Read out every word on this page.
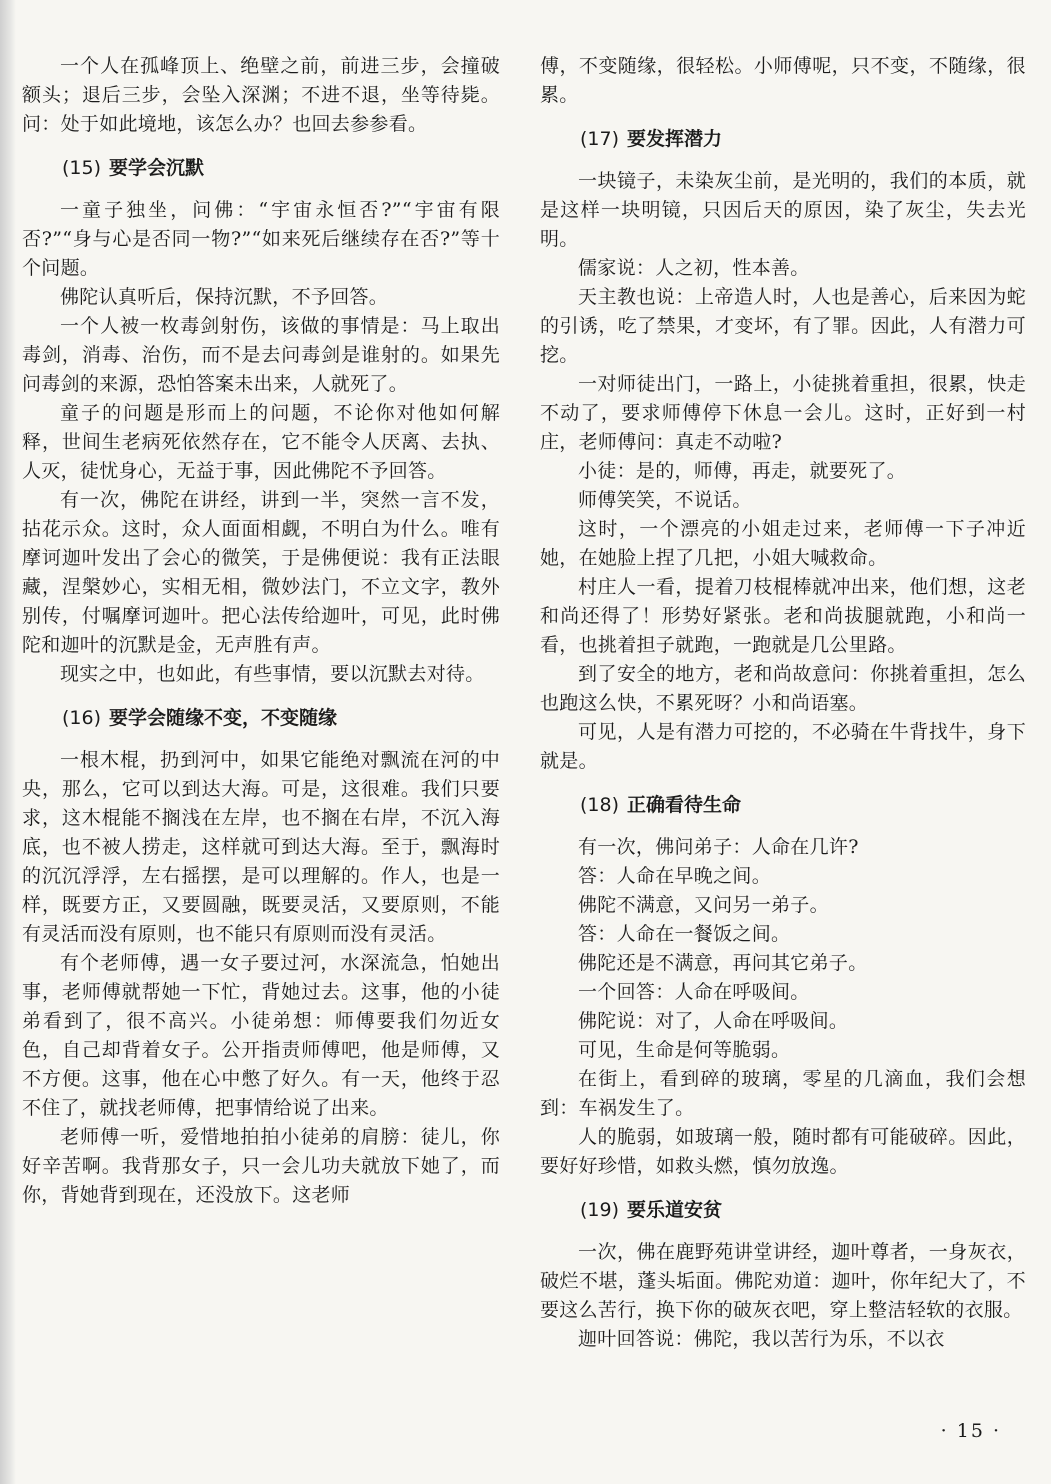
一个人在孤峰顶上、绝壁之前，前进三步，会撞破额头；退后三步，会坠入深渊；不进不退，坐等待毙。问：处于如此境地，该怎么办？也回去参参看。

(15) 要学会沉默

一童子独坐，问佛：“宇宙永恒否?”“宇宙有限否?”“身与心是否同一物?”“如来死后继续存在否?”等十个问题。

佛陀认真听后，保持沉默，不予回答。

一个人被一枚毒剑射伤，该做的事情是：马上取出毒剑，消毒、治伤，而不是去问毒剑是谁射的。如果先问毒剑的来源，恐怕答案未出来，人就死了。

童子的问题是形而上的问题，不论你对他如何解释，世间生老病死依然存在，它不能令人厌离、去执、人灭，徒忧身心，无益于事，因此佛陀不予回答。

有一次，佛陀在讲经，讲到一半，突然一言不发，拈花示众。这时，众人面面相觑，不明白为什么。唯有摩诃迦叶发出了会心的微笑，于是佛便说：我有正法眼藏，涅槃妙心，实相无相，微妙法门，不立文字，教外别传，付嘱摩诃迦叶。把心法传给迦叶，可见，此时佛陀和迦叶的沉默是金，无声胜有声。

现实之中，也如此，有些事情，要以沉默去对待。

(16) 要学会随缘不变，不变随缘

一根木棍，扔到河中，如果它能绝对飘流在河的中央，那么，它可以到达大海。可是，这很难。我们只要求，这木棍能不搁浅在左岸，也不搁在右岸，不沉入海底，也不被人捞走，这样就可到达大海。至于，飘海时的沉沉浮浮，左右摇摆，是可以理解的。作人，也是一样，既要方正，又要圆融，既要灵活，又要原则，不能有灵活而没有原则，也不能只有原则而没有灵活。

有个老师傅，遇一女子要过河，水深流急，怕她出事，老师傅就帮她一下忙，背她过去。这事，他的小徒弟看到了，很不高兴。小徒弟想：师傅要我们勿近女色，自己却背着女子。公开指责师傅吧，他是师傅，又不方便。这事，他在心中憋了好久。有一天，他终于忍不住了，就找老师傅，把事情给说了出来。

老师傅一听，爱惜地拍拍小徒弟的肩膀：徒儿，你好辛苦啊。我背那女子，只一会儿功夫就放下她了，而你，背她背到现在，还没放下。这老师

傅，不变随缘，很轻松。小师傅呢，只不变，不随缘，很累。

(17) 要发挥潜力

一块镜子，未染灰尘前，是光明的，我们的本质，就是这样一块明镜，只因后天的原因，染了灰尘，失去光明。

儒家说：人之初，性本善。

天主教也说：上帝造人时，人也是善心，后来因为蛇的引诱，吃了禁果，才变坏，有了罪。因此，人有潜力可挖。

一对师徒出门，一路上，小徒挑着重担，很累，快走不动了，要求师傅停下休息一会儿。这时，正好到一村庄，老师傅问：真走不动啦?

小徒：是的，师傅，再走，就要死了。

师傅笑笑，不说话。

这时，一个漂亮的小姐走过来，老师傅一下子冲近她，在她脸上捏了几把，小姐大喊救命。

村庄人一看，提着刀枝棍棒就冲出来，他们想，这老和尚还得了！形势好紧张。老和尚拔腿就跑，小和尚一看，也挑着担子就跑，一跑就是几公里路。

到了安全的地方，老和尚故意问：你挑着重担，怎么也跑这么快，不累死呀？小和尚语塞。

可见，人是有潜力可挖的，不必骑在牛背找牛，身下就是。

(18) 正确看待生命

有一次，佛问弟子：人命在几许?

答：人命在早晚之间。

佛陀不满意，又问另一弟子。

答：人命在一餐饭之间。

佛陀还是不满意，再问其它弟子。

一个回答：人命在呼吸间。

佛陀说：对了，人命在呼吸间。

可见，生命是何等脆弱。

在街上，看到碎的玻璃，零星的几滴血，我们会想到：车祸发生了。

人的脆弱，如玻璃一般，随时都有可能破碎。因此，要好好珍惜，如救头燃，慎勿放逸。

(19) 要乐道安贫

一次，佛在鹿野苑讲堂讲经，迦叶尊者，一身灰衣，破烂不堪，蓬头垢面。佛陀劝道：迦叶，你年纪大了，不要这么苦行，换下你的破灰衣吧，穿上整洁轻软的衣服。

迦叶回答说：佛陀，我以苦行为乐，不以衣

· 15 ·
